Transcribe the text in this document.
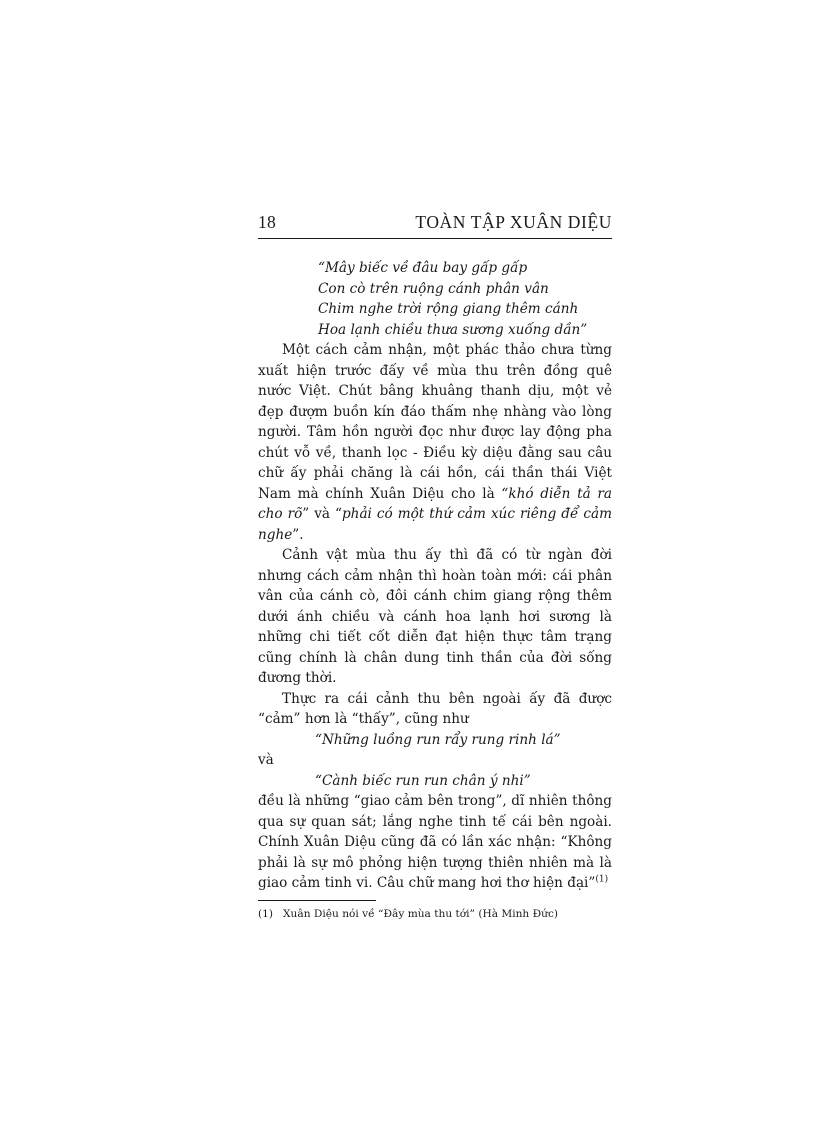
18	TOÀN TẬP XUÂN DIỆU
“Mây biếc về đâu bay gấp gấp
Con cò trên ruộng cánh phân vân
Chim nghe trời rộng giang thêm cánh
Hoa lạnh chiều thưa sương xuống dần”

Một cách cảm nhận, một phác thảo chưa từng xuất hiện trước đấy về mùa thu trên đồng quê nước Việt. Chút bâng khuâng thanh dịu, một vẻ đẹp đượm buồn kín đáo thấm nhẹ nhàng vào lòng người. Tâm hồn người đọc như được lay động pha chút vỗ về, thanh lọc - Điều kỳ diệu đằng sau câu chữ ấy phải chăng là cái hồn, cái thần thái Việt Nam mà chính Xuân Diệu cho là “khó diễn tả ra cho rõ” và “phải có một thứ cảm xúc riêng để cảm nghe”.

Cảnh vật mùa thu ấy thì đã có từ ngàn đời nhưng cách cảm nhận thì hoàn toàn mới: cái phân vân của cánh cò, đôi cánh chim giang rộng thêm dưới ánh chiều và cánh hoa lạnh hơi sương là những chi tiết cốt diễn đạt hiện thực tâm trạng cũng chính là chân dung tinh thần của đời sống đương thời.

Thực ra cái cảnh thu bên ngoài ấy đã được “cảm” hơn là “thấy”, cũng như

“Những luồng run rẩy rung rinh lá”

và

“Cành biếc run run chân ý nhi”

đều là những “giao cảm bên trong”, dĩ nhiên thông qua sự quan sát; lắng nghe tinh tế cái bên ngoài. Chính Xuân Diệu cũng đã có lần xác nhận: “Không phải là sự mô phỏng hiện tượng thiên nhiên mà là giao cảm tinh vi. Câu chữ mang hơi thơ hiện đại”$^{(1)}$

(1) Xuân Diệu nói về “Đây mùa thu tới” (Hà Minh Đức)
